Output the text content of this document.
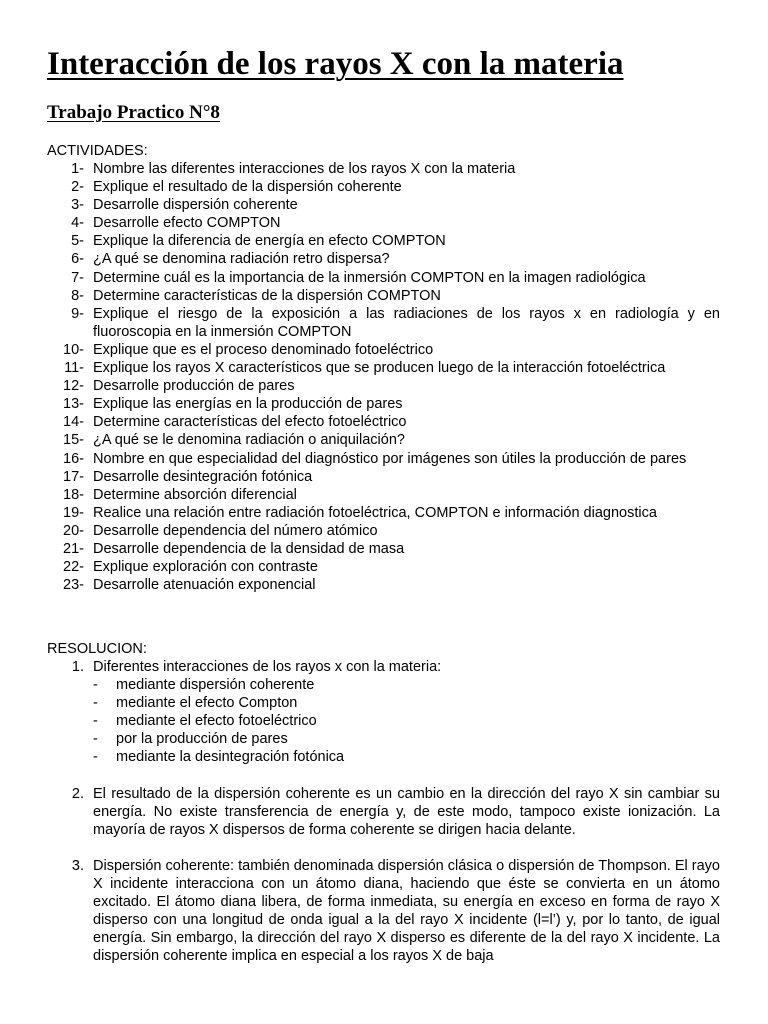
Interacción de los rayos X con la materia
Trabajo Practico N°8

ACTIVIDADES:

1- Nombre las diferentes interacciones de los rayos X con la materia
2- Explique el resultado de la dispersión coherente
3- Desarrolle dispersión coherente
4- Desarrolle efecto COMPTON
5- Explique la diferencia de energía en efecto COMPTON
6- ¿A qué se denomina radiación retro dispersa?
7- Determine cuál es la importancia de la inmersión COMPTON en la imagen radiológica
8- Determine características de la dispersión COMPTON
9- Explique el riesgo de la exposición a las radiaciones de los rayos x en radiología y en fluoroscopia en la inmersión COMPTON
10- Explique que es el proceso denominado fotoeléctrico
11- Explique los rayos X característicos que se producen luego de la interacción fotoeléctrica
12- Desarrolle producción de pares
13- Explique las energías en la producción de pares
14- Determine características del efecto fotoeléctrico
15- ¿A qué se le denomina radiación o aniquilación?
16- Nombre en que especialidad del diagnóstico por imágenes son útiles la producción de pares
17- Desarrolle desintegración fotónica
18- Determine absorción diferencial
19- Realice una relación entre radiación fotoeléctrica, COMPTON e información diagnostica
20- Desarrolle dependencia del número atómico
21- Desarrolle dependencia de la densidad de masa
22- Explique exploración con contraste
23- Desarrolle atenuación exponencial

RESOLUCION:

1. Diferentes interacciones de los rayos x con la materia:
- mediante dispersión coherente
- mediante el efecto Compton
- mediante el efecto fotoeléctrico
- por la producción de pares
- mediante la desintegración fotónica
2. El resultado de la dispersión coherente es un cambio en la dirección del rayo X sin cambiar su energía. No existe transferencia de energía y, de este modo, tampoco existe ionización. La mayoría de rayos X dispersos de forma coherente se dirigen hacia delante.
3. Dispersión coherente: también denominada dispersión clásica o dispersión de Thompson. El rayo X incidente interacciona con un átomo diana, haciendo que éste se convierta en un átomo excitado. El átomo diana libera, de forma inmediata, su energía en exceso en forma de rayo X disperso con una longitud de onda igual a la del rayo X incidente (l=l’) y, por lo tanto, de igual energía. Sin embargo, la dirección del rayo X disperso es diferente de la del rayo X incidente. La dispersión coherente implica en especial a los rayos X de baja
